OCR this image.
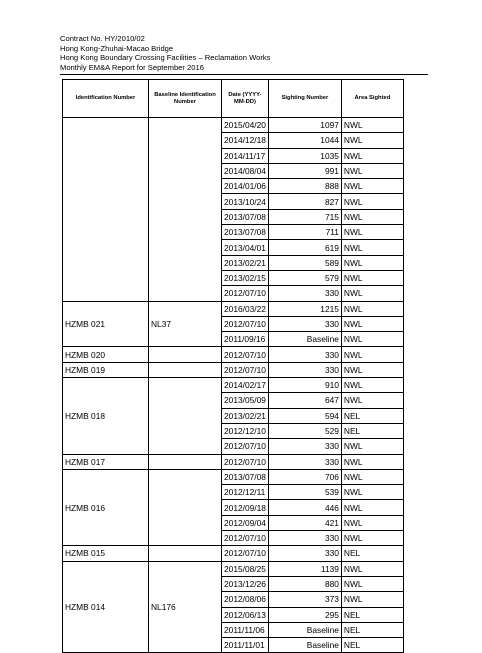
Contract No. HY/2010/02
Hong Kong-Zhuhai-Macao Bridge
Hong Kong Boundary Crossing Facilities – Reclamation Works
Monthly EM&A Report for September 2016
Identification Number	Baseline Identification Number	Date (YYYY-MM-DD)	Sighting Number	Area Sighted
		2015/04/20	1097	NWL
		2014/12/18	1044	NWL
		2014/11/17	1035	NWL
		2014/08/04	991	NWL
		2014/01/06	888	NWL
		2013/10/24	827	NWL
		2013/07/08	715	NWL
		2013/07/08	711	NWL
		2013/04/01	619	NWL
		2013/02/21	589	NWL
		2013/02/15	579	NWL
		2012/07/10	330	NWL
HZMB 021	NL37	2016/03/22	1215	NWL
		2012/07/10	330	NWL
		2011/09/16	Baseline	NWL
HZMB 020		2012/07/10	330	NWL
HZMB 019		2012/07/10	330	NWL
HZMB 018		2014/02/17	910	NWL
		2013/05/09	647	NWL
		2013/02/21	594	NEL
		2012/12/10	529	NEL
		2012/07/10	330	NWL
HZMB 017		2012/07/10	330	NWL
HZMB 016		2013/07/08	706	NWL
		2012/12/11	539	NWL
		2012/09/18	446	NWL
		2012/09/04	421	NWL
		2012/07/10	330	NWL
HZMB 015		2012/07/10	330	NEL
HZMB 014	NL176	2015/08/25	1139	NWL
		2013/12/26	880	NWL
		2012/08/06	373	NWL
		2012/06/13	295	NEL
		2011/11/06	Baseline	NEL
		2011/11/01	Baseline	NEL
